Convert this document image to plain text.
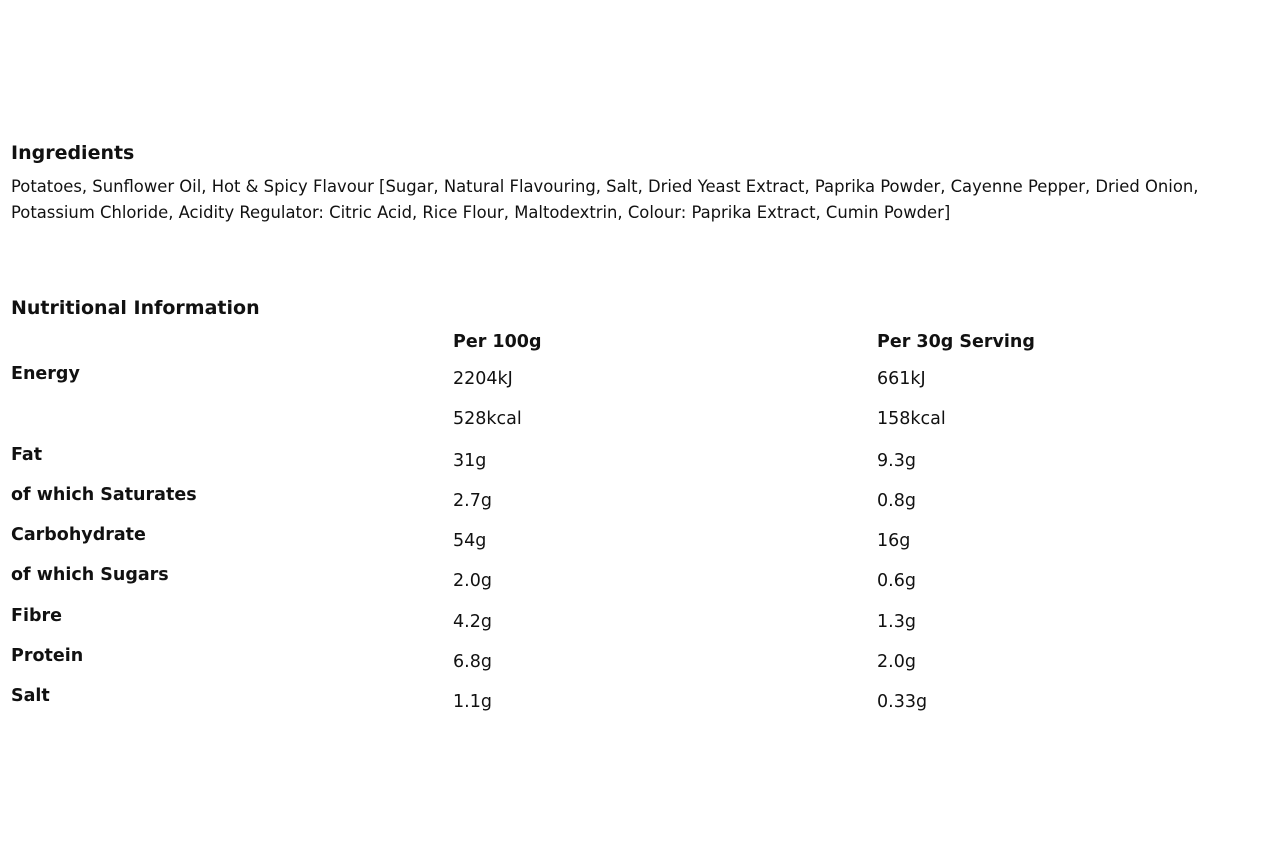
Ingredients

Potatoes, Sunflower Oil, Hot & Spicy Flavour [Sugar, Natural Flavouring, Salt, Dried Yeast Extract, Paprika Powder, Cayenne Pepper, Dried Onion, Potassium Chloride, Acidity Regulator: Citric Acid, Rice Flour, Maltodextrin, Colour: Paprika Extract, Cumin Powder]

Nutritional Information
Per 100g	Per 30g Serving
Energy	2204kJ	661kJ
528kcal	158kcal
Fat	31g	9.3g
of which Saturates	2.7g	0.8g
Carbohydrate	54g	16g
of which Sugars	2.0g	0.6g
Fibre	4.2g	1.3g
Protein	6.8g	2.0g
Salt	1.1g	0.33g
